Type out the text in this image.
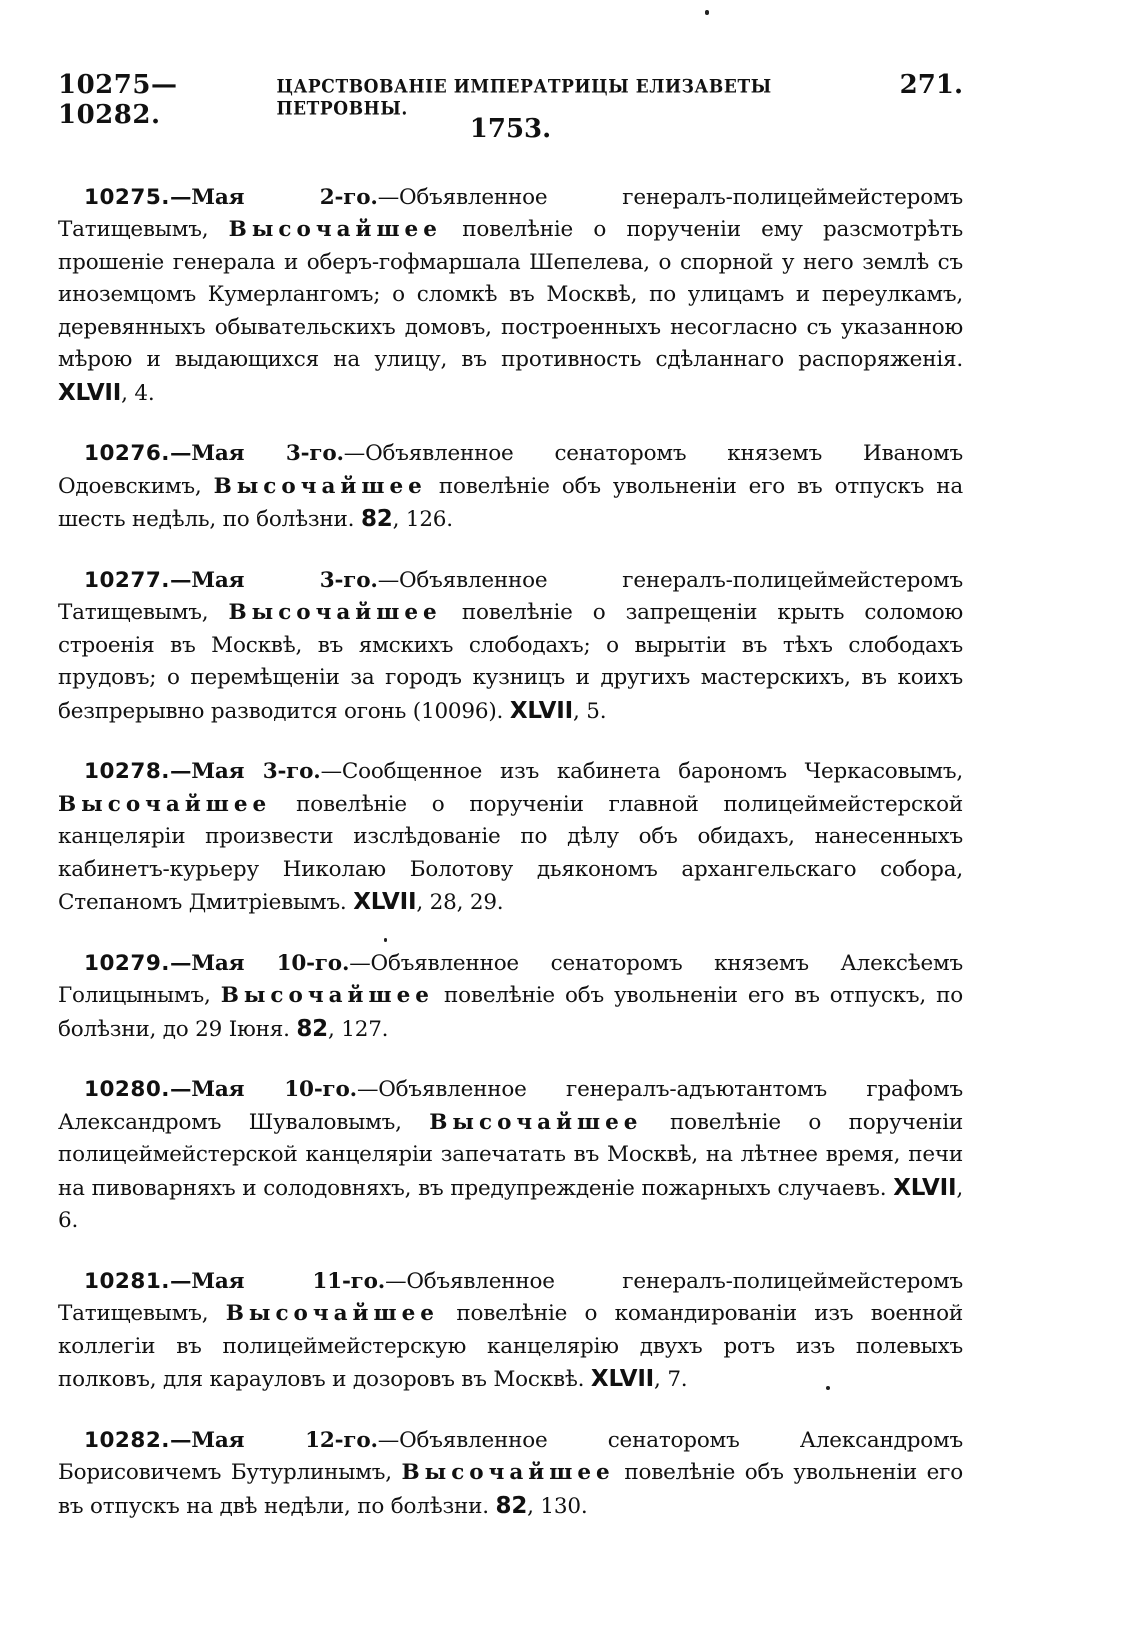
10275—10282.
ЦАРСТВОВАНІЕ ИМПЕРАТРИЦЫ ЕЛИЗАВЕТЫ ПЕТРОВНЫ.
271.
1753.

10275.—Мая 2-го.—Объявленное генералъ-полицеймейстеромъ Татищевымъ, Высочайшее повелѣніе о порученіи ему разсмотрѣть прошеніе генерала и оберъ-гофмаршала Шепелева, о спорной у него землѣ съ иноземцомъ Кумерлангомъ; о сломкѣ въ Москвѣ, по улицамъ и переулкамъ, деревянныхъ обывательскихъ домовъ, построенныхъ несогласно съ указанною мѣрою и выдающихся на улицу, въ противность сдѣланнаго распоряженія. XLVII, 4.

10276.—Мая 3-го.—Объявленное сенаторомъ княземъ Иваномъ Одоевскимъ, Высочайшее повелѣніе объ увольненіи его въ отпускъ на шесть недѣль, по болѣзни. 82, 126.

10277.—Мая 3-го.—Объявленное генералъ-полицеймейстеромъ Татищевымъ, Высочайшее повелѣніе о запрещеніи крыть соломою строенія въ Москвѣ, въ ямскихъ слободахъ; о вырытіи въ тѣхъ слободахъ прудовъ; о перемѣщеніи за городъ кузницъ и другихъ мастерскихъ, въ коихъ безпрерывно разводится огонь (10096). XLVII, 5.

10278.—Мая 3-го.—Сообщенное изъ кабинета барономъ Черкасовымъ, Высочайшее повелѣніе о порученіи главной полицеймейстерской канцеляріи произвести изслѣдованіе по дѣлу объ обидахъ, нанесенныхъ кабинетъ-курьеру Николаю Болотову дьякономъ архангельскаго собора, Степаномъ Дмитріевымъ. XLVII, 28, 29.

10279.—Мая 10-го.—Объявленное сенаторомъ княземъ Алексѣемъ Голицынымъ, Высочайшее повелѣніе объ увольненіи его въ отпускъ, по болѣзни, до 29 Іюня. 82, 127.

10280.—Мая 10-го.—Объявленное генералъ-адъютантомъ графомъ Александромъ Шуваловымъ, Высочайшее повелѣніе о порученіи полицеймейстерской канцеляріи запечатать въ Москвѣ, на лѣтнее время, печи на пивоварняхъ и солодовняхъ, въ предупрежденіе пожарныхъ случаевъ. XLVII, 6.

10281.—Мая 11-го.—Объявленное генералъ-полицеймейстеромъ Татищевымъ, Высочайшее повелѣніе о командированіи изъ военной коллегіи въ полицеймейстерскую канцелярію двухъ ротъ изъ полевыхъ полковъ, для карауловъ и дозоровъ въ Москвѣ. XLVII, 7.

10282.—Мая 12-го.—Объявленное сенаторомъ Александромъ Борисовичемъ Бутурлинымъ, Высочайшее повелѣніе объ увольненіи его въ отпускъ на двѣ недѣли, по болѣзни. 82, 130.
